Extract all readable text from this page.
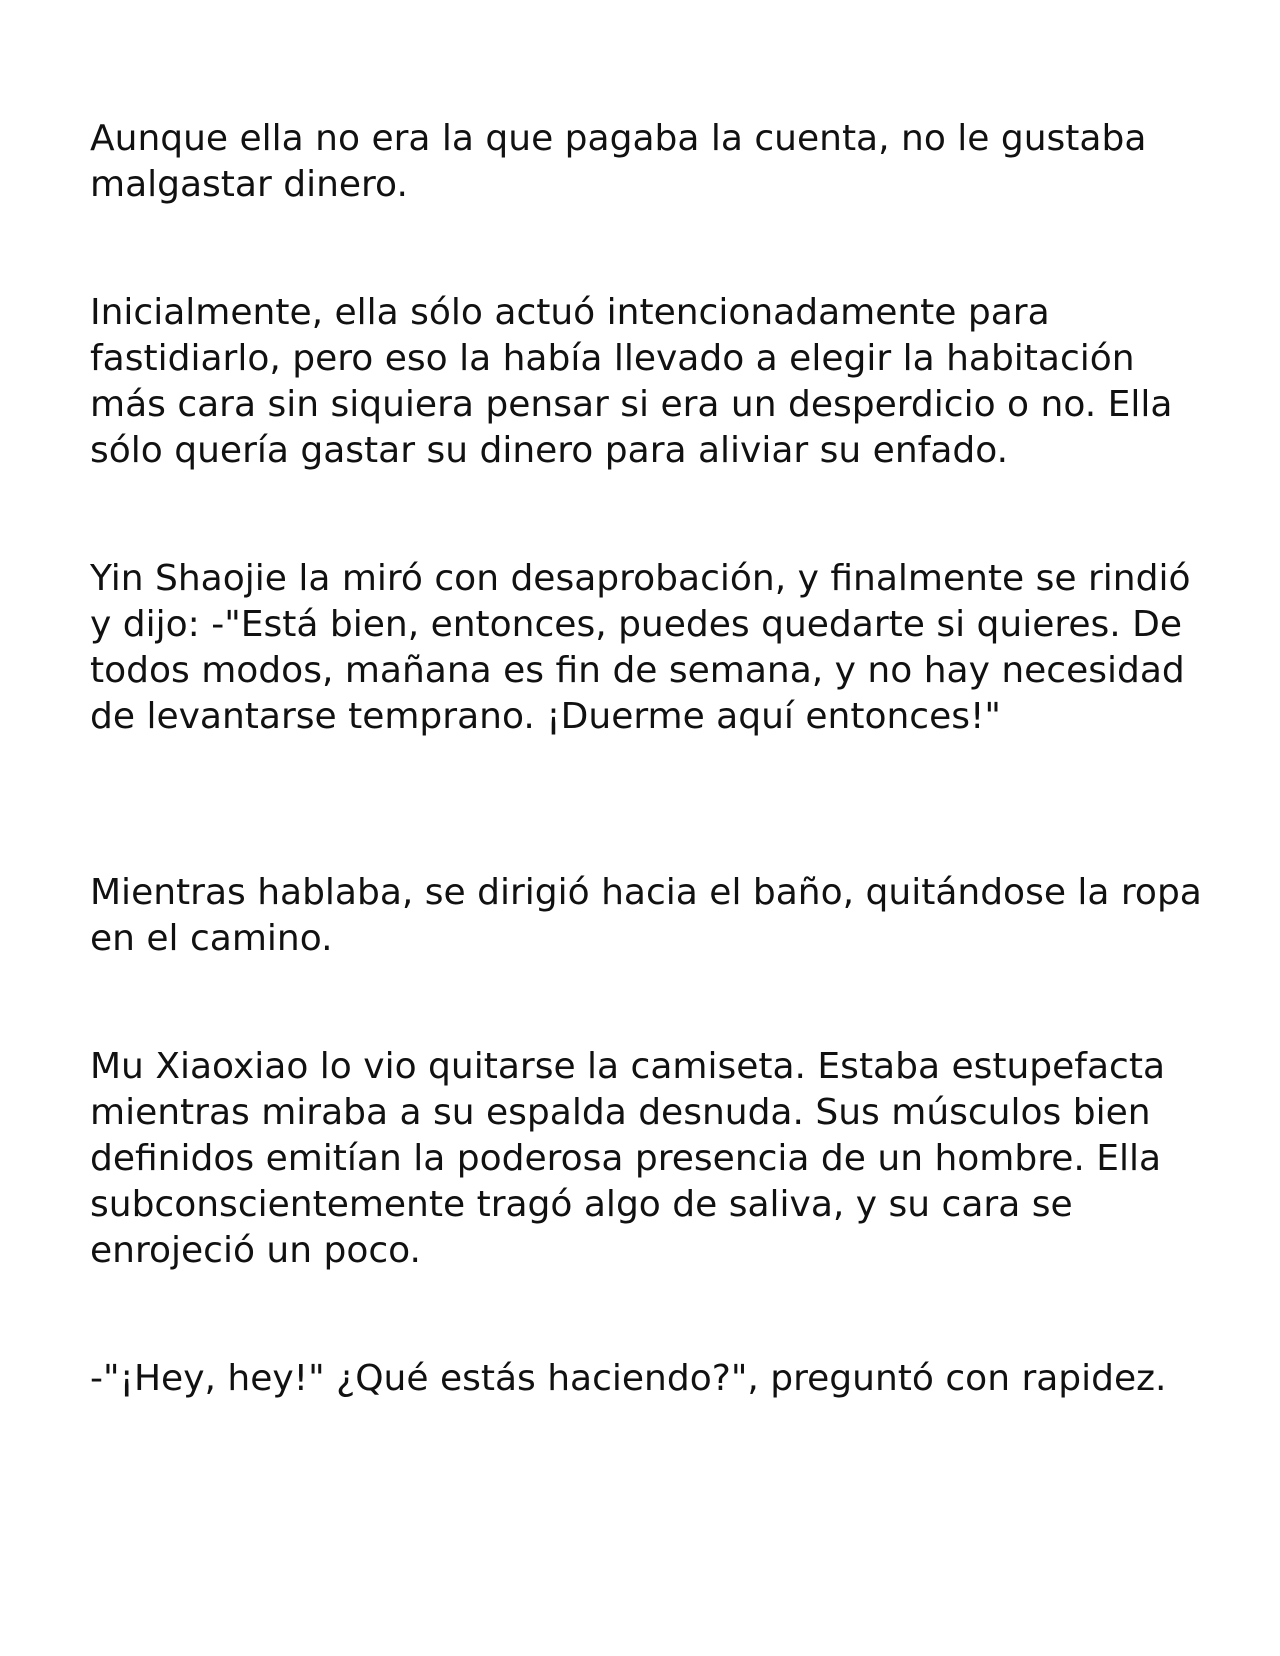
Aunque ella no era la que pagaba la cuenta, no le gustaba malgastar dinero.

Inicialmente, ella sólo actuó intencionadamente para fastidiarlo, pero eso la había llevado a elegir la habitación más cara sin siquiera pensar si era un desperdicio o no. Ella sólo quería gastar su dinero para aliviar su enfado.

Yin Shaojie la miró con desaprobación, y finalmente se rindió y dijo: -"Está bien, entonces, puedes quedarte si quieres. De todos modos, mañana es fin de semana, y no hay necesidad de levantarse temprano. ¡Duerme aquí entonces!"

Mientras hablaba, se dirigió hacia el baño, quitándose la ropa en el camino.

Mu Xiaoxiao lo vio quitarse la camiseta. Estaba estupefacta mientras miraba a su espalda desnuda. Sus músculos bien definidos emitían la poderosa presencia de un hombre. Ella subconscientemente tragó algo de saliva, y su cara se enrojeció un poco.

-"¡Hey, hey!" ¿Qué estás haciendo?", preguntó con rapidez.
